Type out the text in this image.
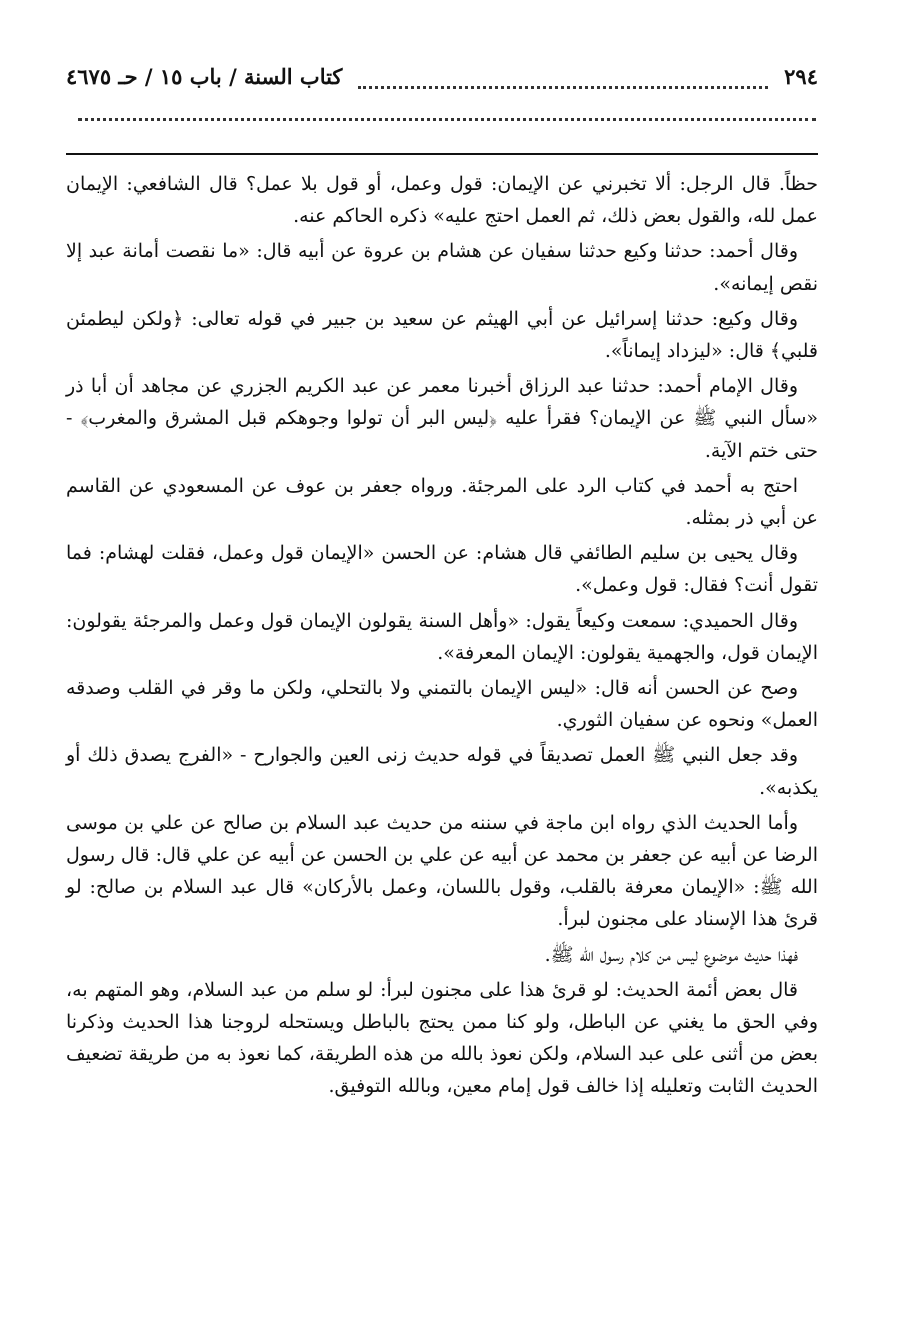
٢٩٤
كتاب السنة / باب ١٥ / حـ ٤٦٧٥

حظاً. قال الرجل: ألا تخبرني عن الإيمان: قول وعمل، أو قول بلا عمل؟ قال الشافعي: الإيمان عمل لله، والقول بعض ذلك، ثم العمل احتج عليه» ذكره الحاكم عنه.

وقال أحمد: حدثنا وكيع حدثنا سفيان عن هشام بن عروة عن أبيه قال: «ما نقصت أمانة عبد إلا نقص إيمانه».

وقال وكيع: حدثنا إسرائيل عن أبي الهيثم عن سعيد بن جبير في قوله تعالى: ﴿ولكن ليطمئن قلبي﴾ قال: «ليزداد إيماناً».

وقال الإمام أحمد: حدثنا عبد الرزاق أخبرنا معمر عن عبد الكريم الجزري عن مجاهد أن أبا ذر «سأل النبي ﷺ عن الإيمان؟ فقرأ عليه ﴿ليس البر أن تولوا وجوهكم قبل المشرق والمغرب﴾ - حتى ختم الآية.

احتج به أحمد في كتاب الرد على المرجئة. ورواه جعفر بن عوف عن المسعودي عن القاسم عن أبي ذر بمثله.

وقال يحيى بن سليم الطائفي قال هشام: عن الحسن «الإيمان قول وعمل، فقلت لهشام: فما تقول أنت؟ فقال: قول وعمل».

وقال الحميدي: سمعت وكيعاً يقول: «وأهل السنة يقولون الإيمان قول وعمل والمرجئة يقولون: الإيمان قول، والجهمية يقولون: الإيمان المعرفة».

وصح عن الحسن أنه قال: «ليس الإيمان بالتمني ولا بالتحلي، ولكن ما وقر في القلب وصدقه العمل» ونحوه عن سفيان الثوري.

وقد جعل النبي ﷺ العمل تصديقاً في قوله حديث زنى العين والجوارح - «الفرج يصدق ذلك أو يكذبه».

وأما الحديث الذي رواه ابن ماجة في سننه من حديث عبد السلام بن صالح عن علي بن موسى الرضا عن أبيه عن جعفر بن محمد عن أبيه عن علي بن الحسن عن أبيه عن علي قال: قال رسول الله ﷺ: «الإيمان معرفة بالقلب، وقول باللسان، وعمل بالأركان» قال عبد السلام بن صالح: لو قرئ هذا الإسناد على مجنون لبرأ.

فهذا حديث موضوع ليس من كلام رسول الله ﷺ.

قال بعض أئمة الحديث: لو قرئ هذا على مجنون لبرأ: لو سلم من عبد السلام، وهو المتهم به، وفي الحق ما يغني عن الباطل، ولو كنا ممن يحتج بالباطل ويستحله لروجنا هذا الحديث وذكرنا بعض من أثنى على عبد السلام، ولكن نعوذ بالله من هذه الطريقة، كما نعوذ به من طريقة تضعيف الحديث الثابت وتعليله إذا خالف قول إمام معين، وبالله التوفيق.
